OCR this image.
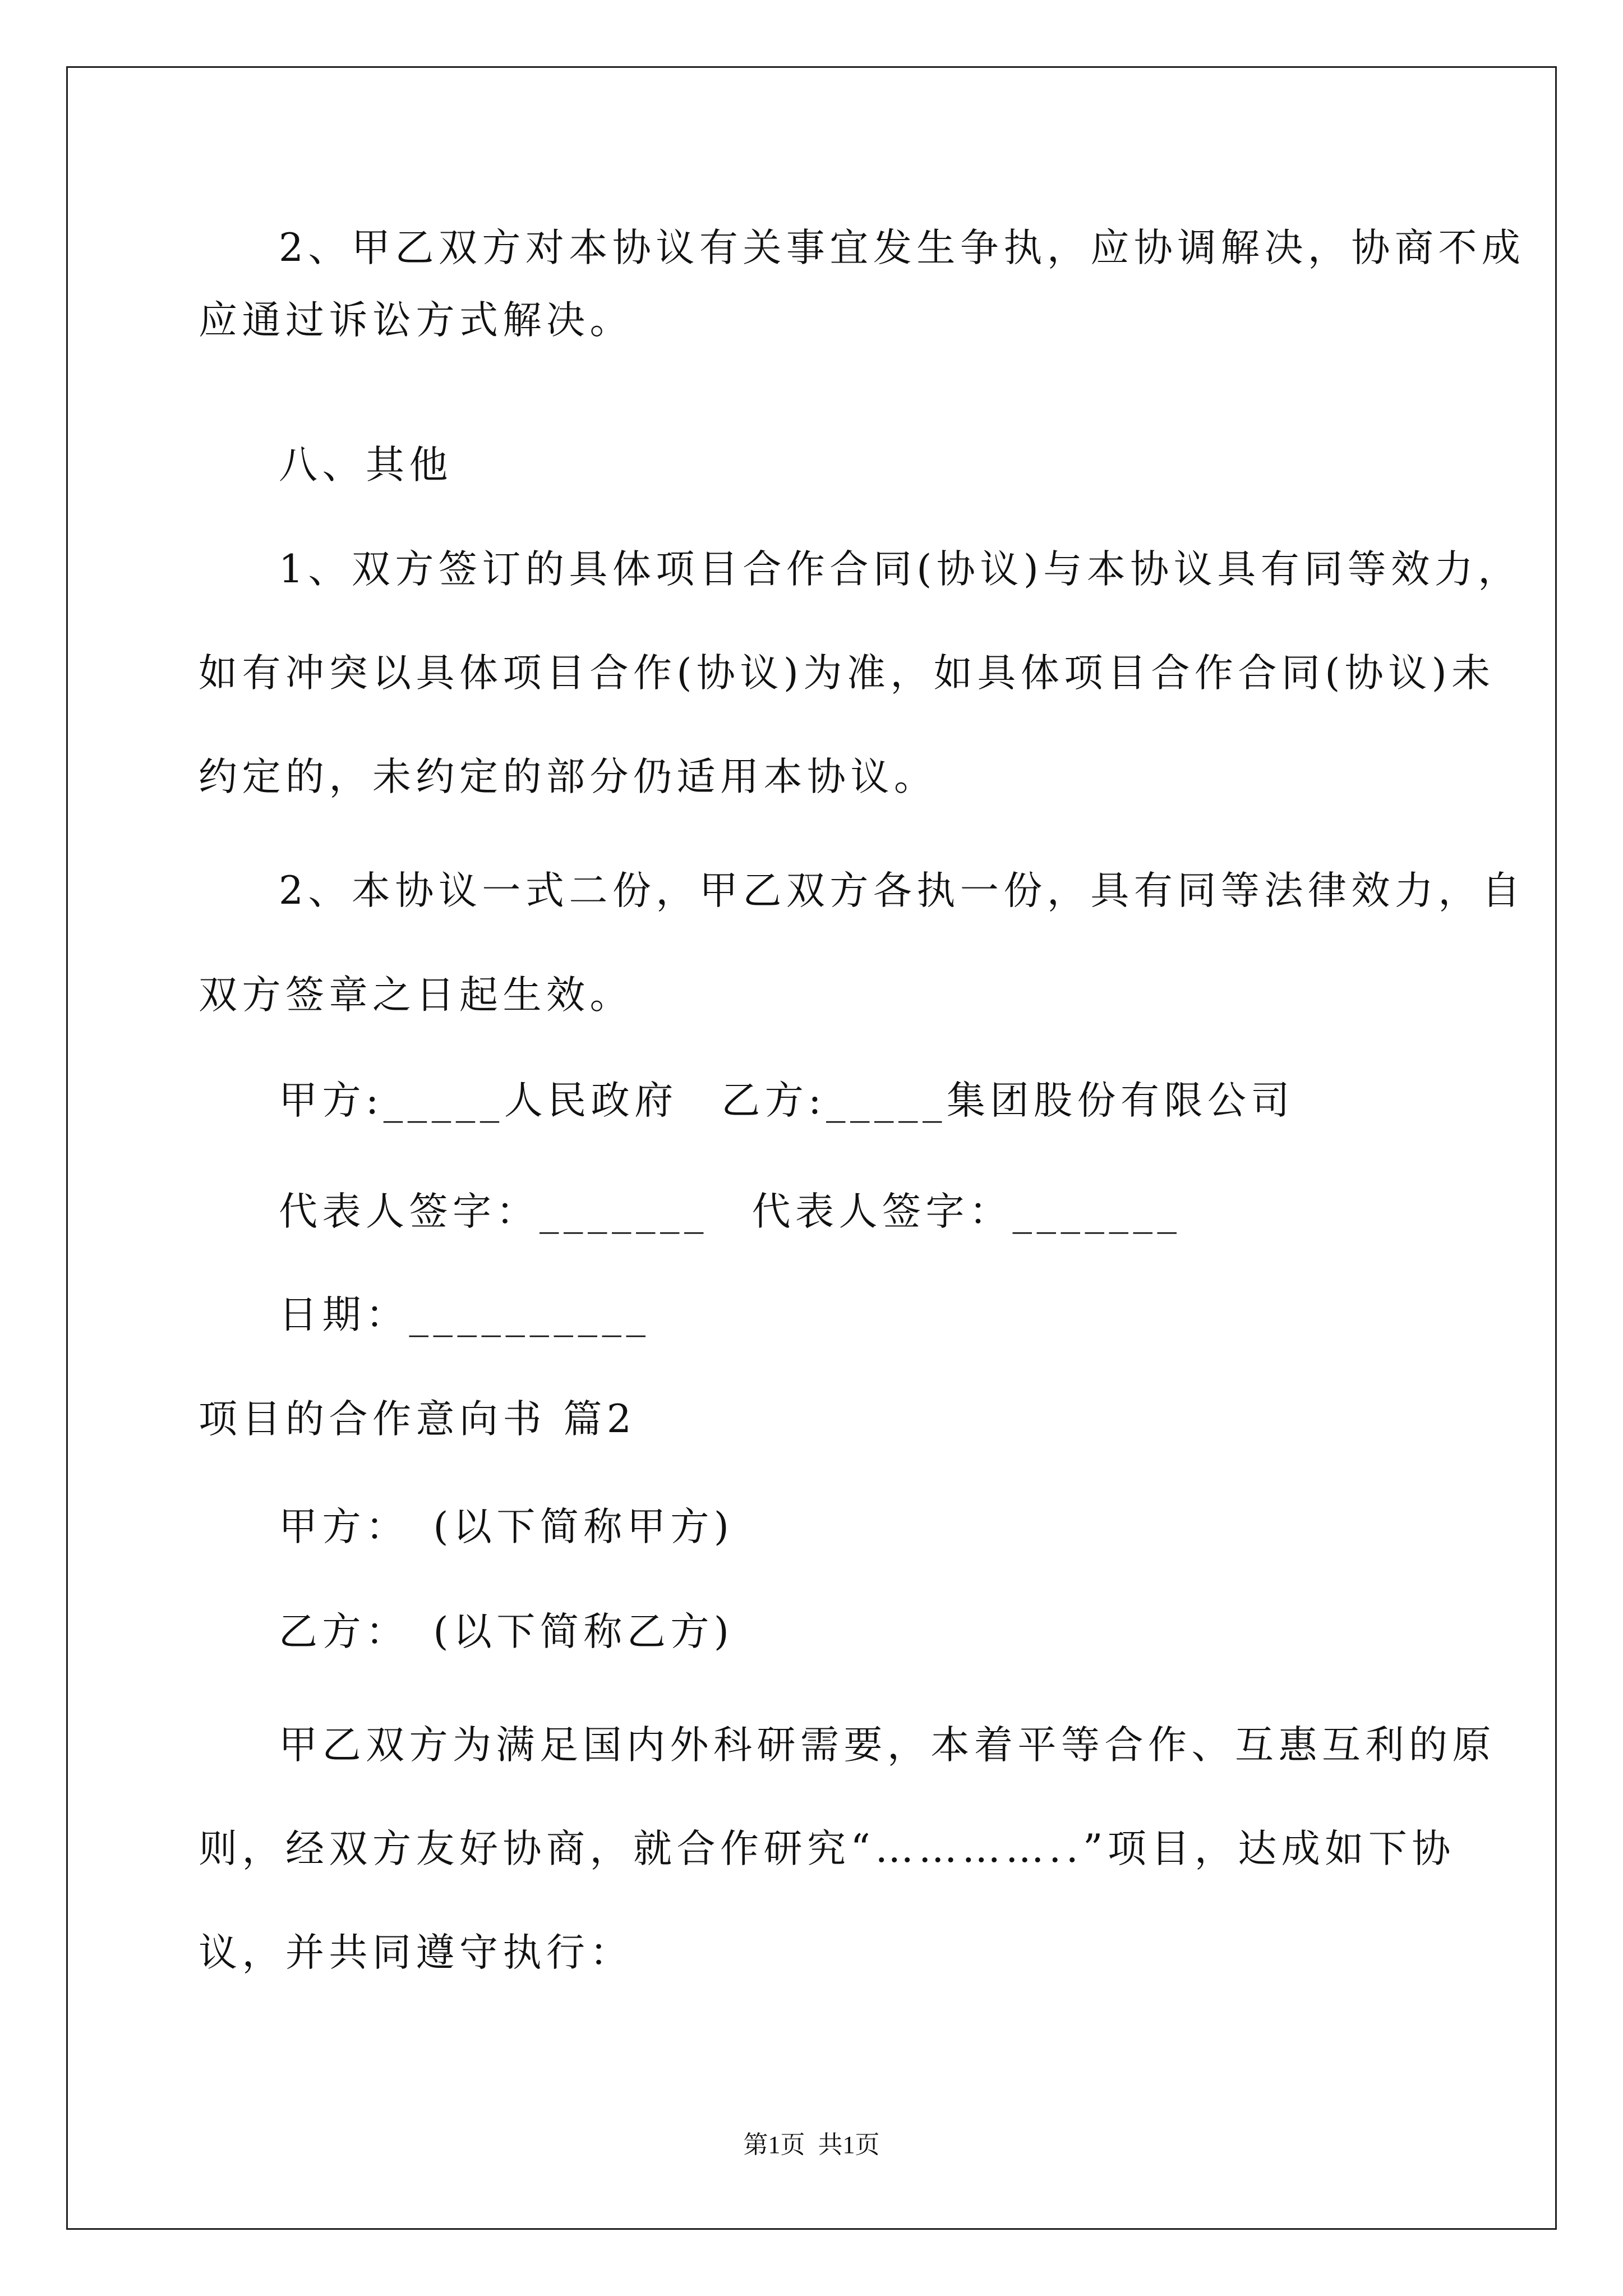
2、甲乙双方对本协议有关事宜发生争执，应协调解决，协商不成
应通过诉讼方式解决。
八、其他
1、双方签订的具体项目合作合同(协议)与本协议具有同等效力，
如有冲突以具体项目合作(协议)为准，如具体项目合作合同(协议)未
约定的，未约定的部分仍适用本协议。
2、本协议一式二份，甲乙双方各执一份，具有同等法律效力，自
双方签章之日起生效。
甲方:_____人民政府　乙方:_____集团股份有限公司
代表人签字：_______　代表人签字：_______
日期：__________
项目的合作意向书 篇2
甲方：　(以下简称甲方)
乙方：　(以下简称乙方)
甲乙双方为满足国内外科研需要，本着平等合作、互惠互利的原
则，经双方友好协商，就合作研究“…………..”项目，达成如下协
议，并共同遵守执行：
第1页 共1页
